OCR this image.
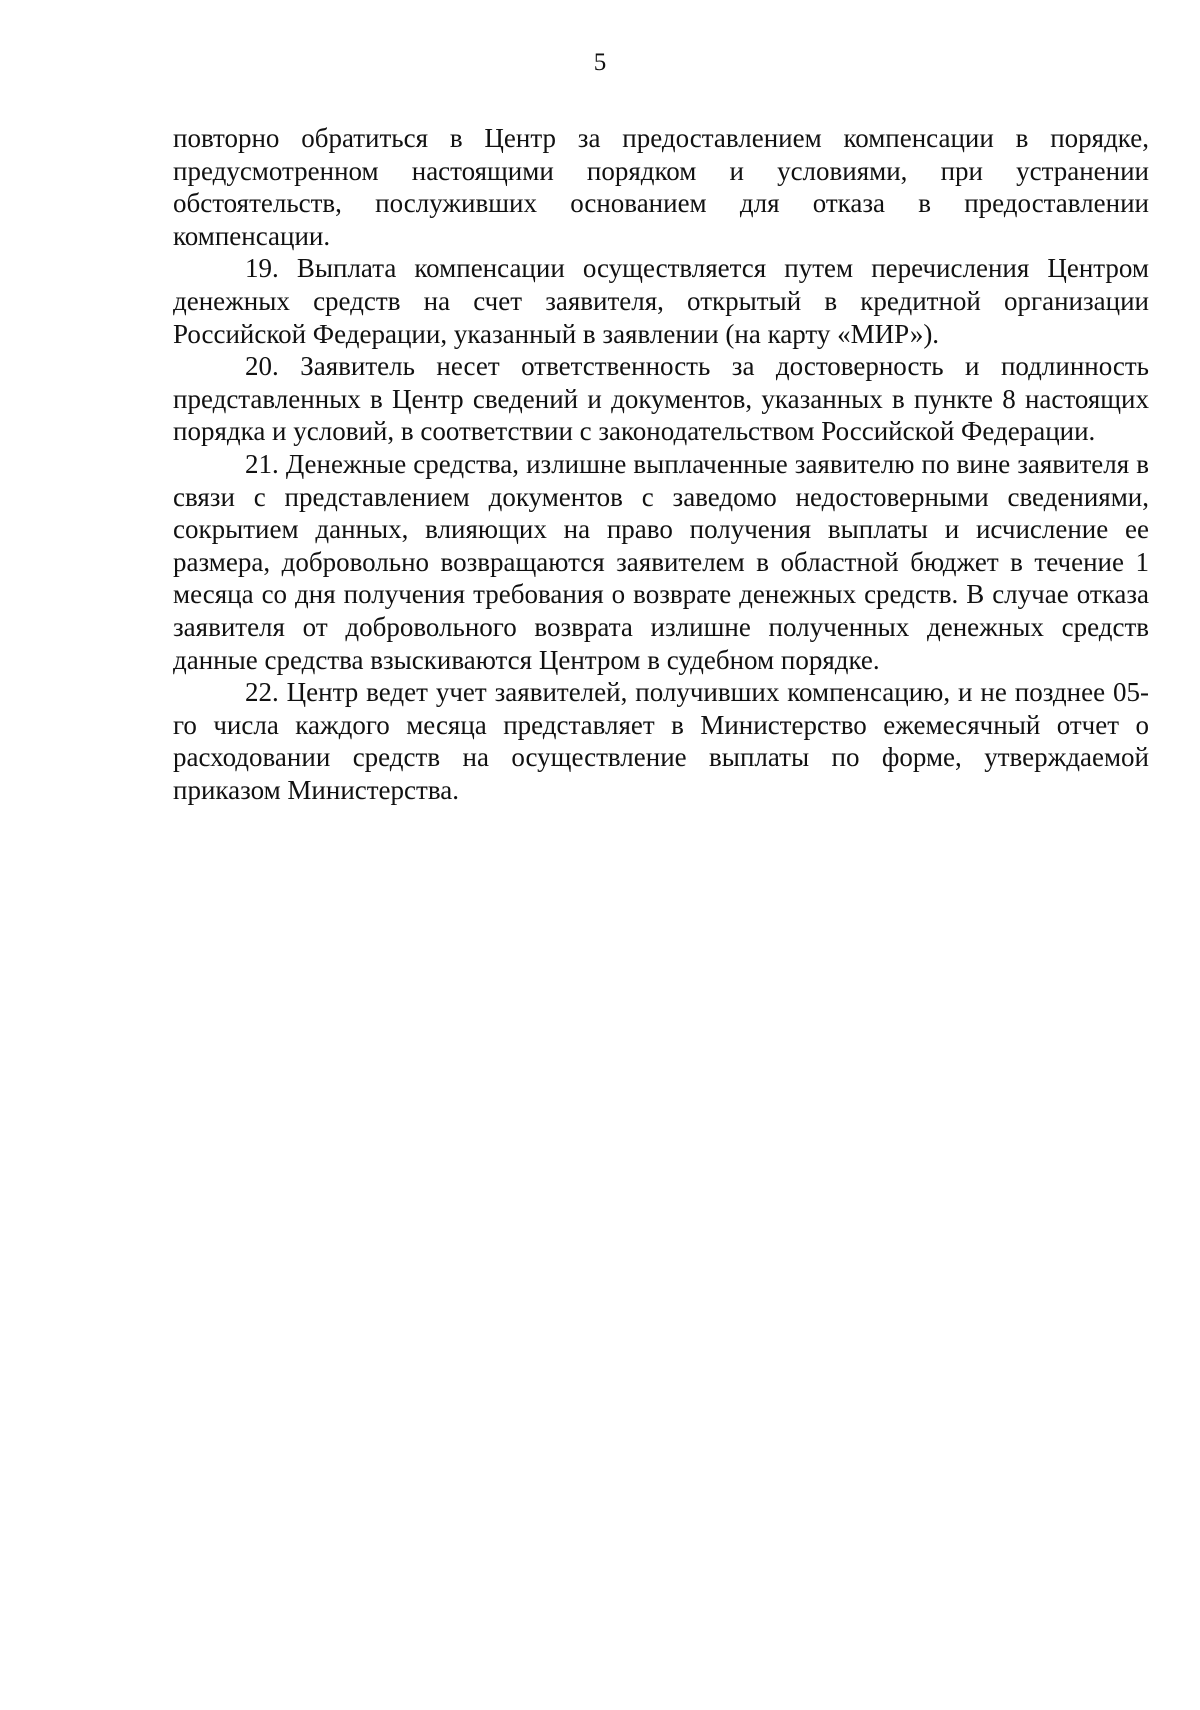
5

повторно обратиться в Центр за предоставлением компенсации в порядке, предусмотренном настоящими порядком и условиями, при устранении обстоятельств, послуживших основанием для отказа в предоставлении компенсации.

19. Выплата компенсации осуществляется путем перечисления Центром денежных средств на счет заявителя, открытый в кредитной организации Российской Федерации, указанный в заявлении (на карту «МИР»).

20. Заявитель несет ответственность за достоверность и подлинность представленных в Центр сведений и документов, указанных в пункте 8 настоящих порядка и условий, в соответствии с законодательством Российской Федерации.

21. Денежные средства, излишне выплаченные заявителю по вине заявителя в связи с представлением документов с заведомо недостоверными сведениями, сокрытием данных, влияющих на право получения выплаты и исчисление ее размера, добровольно возвращаются заявителем в областной бюджет в течение 1 месяца со дня получения требования о возврате денежных средств. В случае отказа заявителя от добровольного возврата излишне полученных денежных средств данные средства взыскиваются Центром в судебном порядке.

22. Центр ведет учет заявителей, получивших компенсацию, и не позднее 05-го числа каждого месяца представляет в Министерство ежемесячный отчет о расходовании средств на осуществление выплаты по форме, утверждаемой приказом Министерства.
